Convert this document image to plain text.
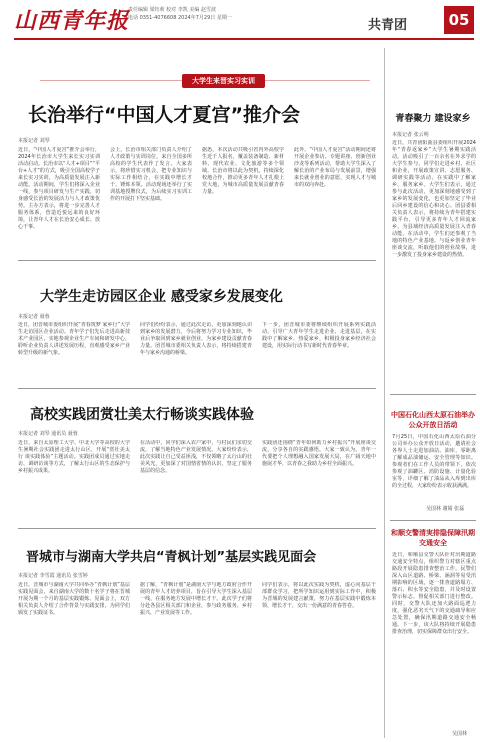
山西青年报
责任编辑 梁钰莉 校对 李凯 美编 赵雪波
电话 0351-4076608 2024年7月29日 星期一	共青团	05
大学生来晋实习实训
长治举行“中国人才夏宫”推介会
本报记者 刘琴
近日，“中国人才夏宫”推介会举行，2024年长治市大学生来长实习实训活动启动。长治市以“人才+项目”“平台+人才”的方式，吸引全国高校学子来长实习实训，为高质量发展注入新动能。活动期间，学生们将深入企业一线，参与项目研发与生产实践，切身感受长治的发展活力与人才政策优势。主办方表示，将进一步完善人才服务体系，营造近悦远来的良好环境，让青年人才在长治安心成长、放心干事。
会上，长治市相关部门负责人介绍了人才政策与实训岗位，来自全国多所高校的学生代表作了发言。大家表示，将珍惜实习机会，把专业知识与实际工作相结合，在实践中增长才干、锤炼本领。活动现场还举行了实训基地授牌仪式，为后续实习实训工作的开展打下坚实基础。
据悉，本次活动共吸引省内外高校学生近千人报名，覆盖装备制造、新材料、现代农业、文化旅游等多个领域。长治市将以此为契机，持续深化校地合作，推动更多青年人才扎根上党大地，为城市高质量发展贡献青春力量。
此外，“中国人才夏宫”活动期间还将开展企业参访、专题讲座、创新创业沙龙等系列活动，帮助大学生深入了解长治的产业布局与发展前景，增强来长就业创业的意愿，实现人才与城市的双向奔赴。
大学生走访园区企业 感受家乡发展变化
本报记者 聂蓉
近日，团晋城市委组织开展“青春筑梦 家乡行”大学生走访园区企业活动。青年学子们先后走进高新技术产业园区，实地参观企业生产车间和研发中心，聆听企业负责人讲述发展历程，直观感受家乡产业转型升级的新气象。
同学们纷纷表示，通过此次走访，更加深刻地认识到家乡的发展潜力，今后将努力学习专业知识，毕业后争取回到家乡就业创业，为家乡建设贡献青春力量。团晋城市委相关负责人表示，将持续搭建青年与家乡沟通的桥梁。
下一步，团晋城市委将继续组织开展系列实践活动，引导广大青年学生走进企业、走进基层，在实践中了解家乡、热爱家乡，积极投身家乡经济社会建设，用实际行动书写新时代青春华章。
高校实践团赏壮美太行畅谈实践体验
本报记者 刘琴 通讯员 聂蓉
近日，来自太原理工大学、中北大学等高校的大学生暑期社会实践团走进太行山区，开展“赏壮美太行 谈实践体验”主题活动。实践团成员通过实地走访、调研访谈等方式，了解太行山区的生态保护与乡村振兴成果。
在活动中，同学们深入农户家中，与村民们亲切交流，了解当地特色产业发展情况。大家纷纷表示，此次实践让自己受益匪浅，不仅领略了太行山的壮美风光，更加深了对国情省情的认识，坚定了服务基层的信念。
实践团还围绕“青年如何助力乡村振兴”开展座谈交流，分享各自的实践感悟。大家一致认为，青年一代要把个人理想融入国家发展大局，在广阔天地中施展才华，以青春之我助力乡村全面振兴。
晋城市与湖南大学共启“青枫计划”基层实践见面会
本报记者 李雪霞 通讯员 张雪婷
近日，晋城市与湖南大学共同举办“青枫计划”基层实践见面会，来自湖南大学的数十名学子将在晋城开展为期一个月的基层实践锻炼。见面会上，双方相关负责人介绍了合作背景与实践安排，为同学们颁发了实践证书。
据了解，“青枫计划”是湖南大学与地方政府合作开展的青年人才培养项目，旨在引导大学生深入基层一线，在服务地方发展中增长才干。此次学子们将分赴各县区相关部门和企业，参与政务服务、乡村振兴、产业发展等工作。
同学们表示，将以此次实践为契机，虚心向基层干部群众学习，把所学知识运用到实际工作中，积极为晋城的发展建言献策，努力在基层实践中锻炼本领、增长才干，交出一份满意的青春答卷。
青春聚力 建设家乡
本报记者 张云明
近日，共青团阳曲县委组织开展2024年“青春返家乡”大学生暑期实践活动。活动吸引了一百余名在外求学的大学生参与，同学们走进乡村、社区和企业，开展政策宣讲、志愿服务、调研实践等活动，在实践中了解家乡、服务家乡。大学生们表示，通过参与此次活动，更加深刻地感受到了家乡的发展变化，也更加坚定了毕业后回乡建设的信心和决心。团县委相关负责人表示，将持续为青年搭建实践平台，引导更多青年人才回流家乡，为县域经济高质量发展注入青春动能。在活动中，学生们还参观了当地的特色产业基地，与返乡创业青年座谈交流，听取他们的创业故事，进一步激发了投身家乡建设的热情。
中国石化山西太原石油举办公众开放日活动
7月25日，中国石化山西太原石油分公司举办公众开放日活动，邀请社会各界人士走进加油站、油库，零距离了解成品油储运、安全管理等知识。参观者们在工作人员的带领下，依次参观了油罐区、消防设施、计量化验室等，详细了解了油品从入库到出库的全过程，大家纷纷表示收获满满。
吴国林 谢婧 张磊
和顺交警清実排隐保障汛期交通安全
近日，和顺县交警大队针对汛期道路交通安全特点，组织警力对辖区重点路段开展隐患排查整治工作。民警们深入山区道路、桥梁、涵洞等易受汛期影响的区域，逐一排查道路塌方、落石、积水等安全隐患，并及时设置警示标志，督促相关部门进行整改。同时，交警大队还加大路面巡逻力度，强化恶劣天气下的交通疏导和应急处置，确保汛期道路交通安全畅通。下一步，该大队将持续开展隐患排查治理，切实保障群众出行安全。
吴国林
